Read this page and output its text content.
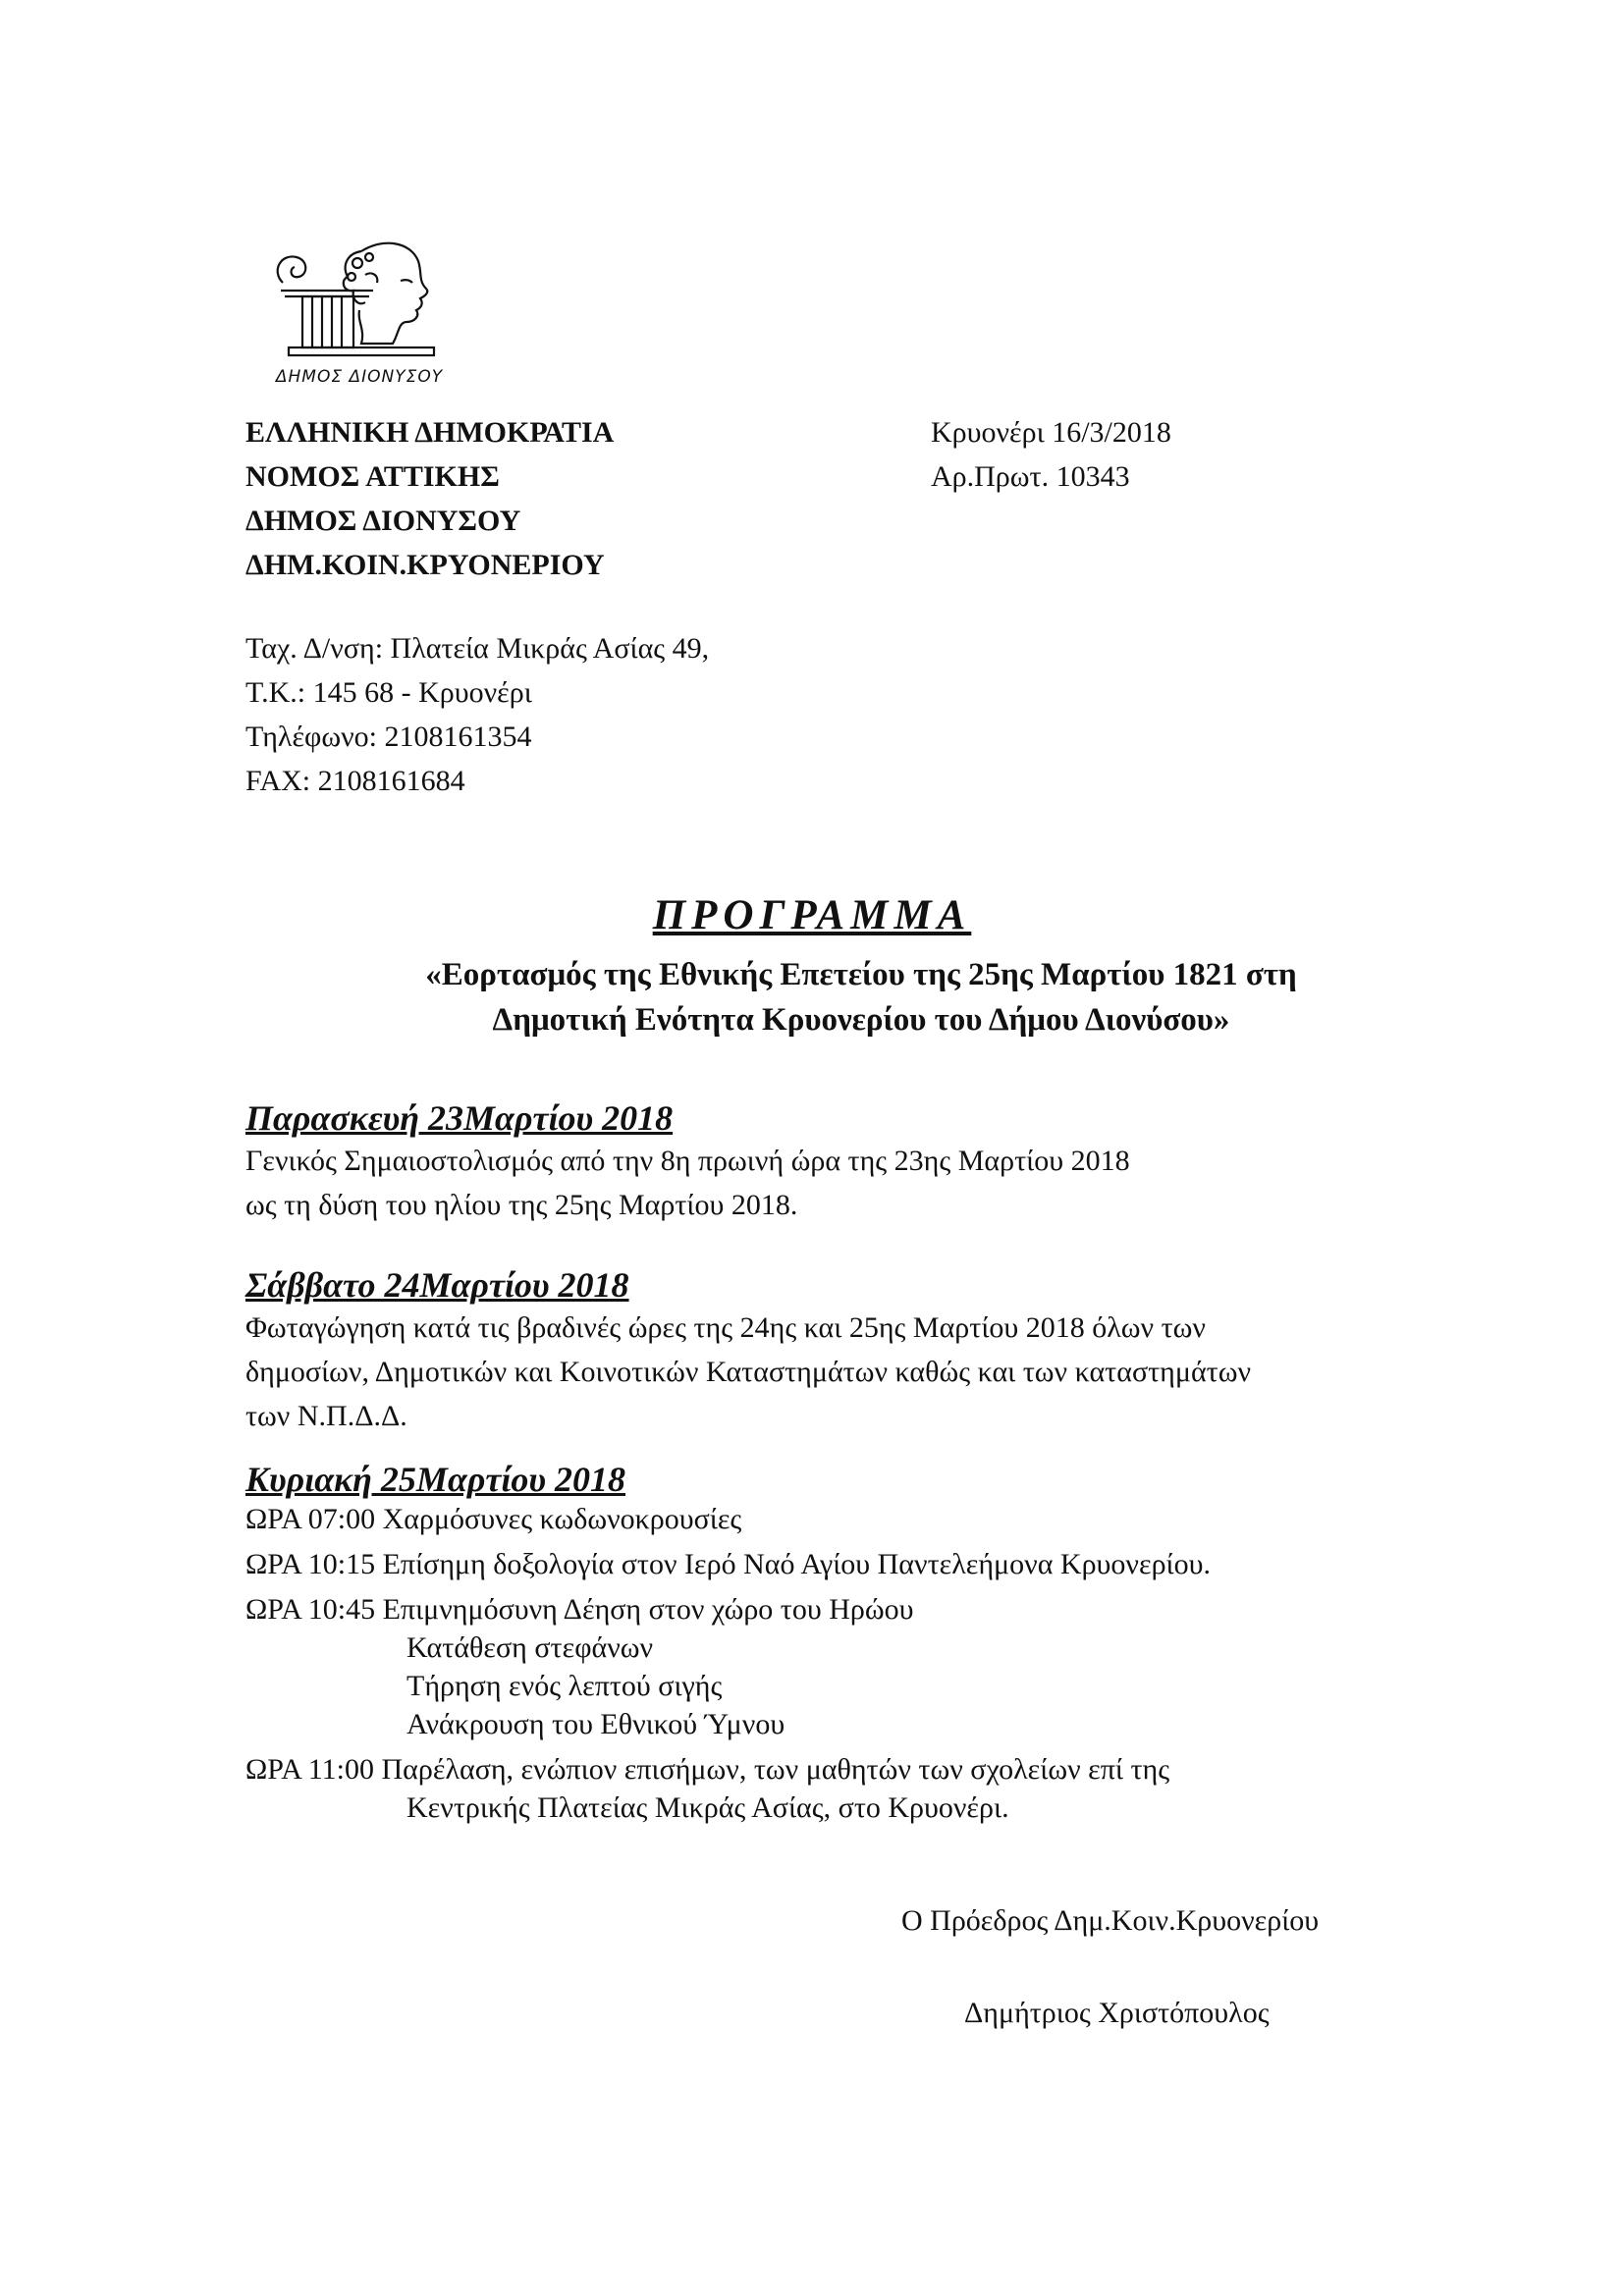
ΔΗΜΟΣ ΔΙΟΝΥΣΟΥ
ΕΛΛΗΝΙΚΗ ΔΗΜΟΚΡΑΤΙΑ
ΝΟΜΟΣ ΑΤΤΙΚΗΣ
ΔΗΜΟΣ ΔΙΟΝΥΣΟΥ
ΔΗΜ.ΚΟΙΝ.ΚΡΥΟΝΕΡΙΟΥ
Κρυονέρι 16/3/2018
Αρ.Πρωτ. 10343
Ταχ. Δ/νση: Πλατεία Μικράς Ασίας 49,
Τ.Κ.: 145 68 - Κρυονέρι
Τηλέφωνο: 2108161354
FAX: 2108161684
ΠΡΟΓΡΑΜΜΑ
«Εορτασμός της Εθνικής Επετείου της 25ης Μαρτίου 1821 στη
Δημοτική Ενότητα Κρυονερίου του Δήμου Διονύσου»
Παρασκευή 23Μαρτίου 2018
Γενικός Σημαιοστολισμός από την 8η πρωινή ώρα της 23ης Μαρτίου 2018
ως τη δύση του ηλίου της 25ης Μαρτίου 2018.
Σάββατο 24Μαρτίου 2018
Φωταγώγηση κατά τις βραδινές ώρες της 24ης και 25ης Μαρτίου 2018 όλων των
δημοσίων, Δημοτικών και Κοινοτικών Καταστημάτων καθώς και των καταστημάτων
των Ν.Π.Δ.Δ.
Κυριακή 25Μαρτίου 2018
ΩΡΑ 07:00 Χαρμόσυνες κωδωνοκρουσίες
ΩΡΑ 10:15 Επίσημη δοξολογία στον Ιερό Ναό Αγίου Παντελεήμονα Κρυονερίου.
ΩΡΑ 10:45 Επιμνημόσυνη Δέηση στον χώρο του Ηρώου
Κατάθεση στεφάνων
Τήρηση ενός λεπτού σιγής
Ανάκρουση του Εθνικού Ύμνου
ΩΡΑ 11:00 Παρέλαση, ενώπιον επισήμων, των μαθητών των σχολείων επί της
Κεντρικής Πλατείας Μικράς Ασίας, στο Κρυονέρι.
Ο Πρόεδρος Δημ.Κοιν.Κρυονερίου
Δημήτριος Χριστόπουλος
